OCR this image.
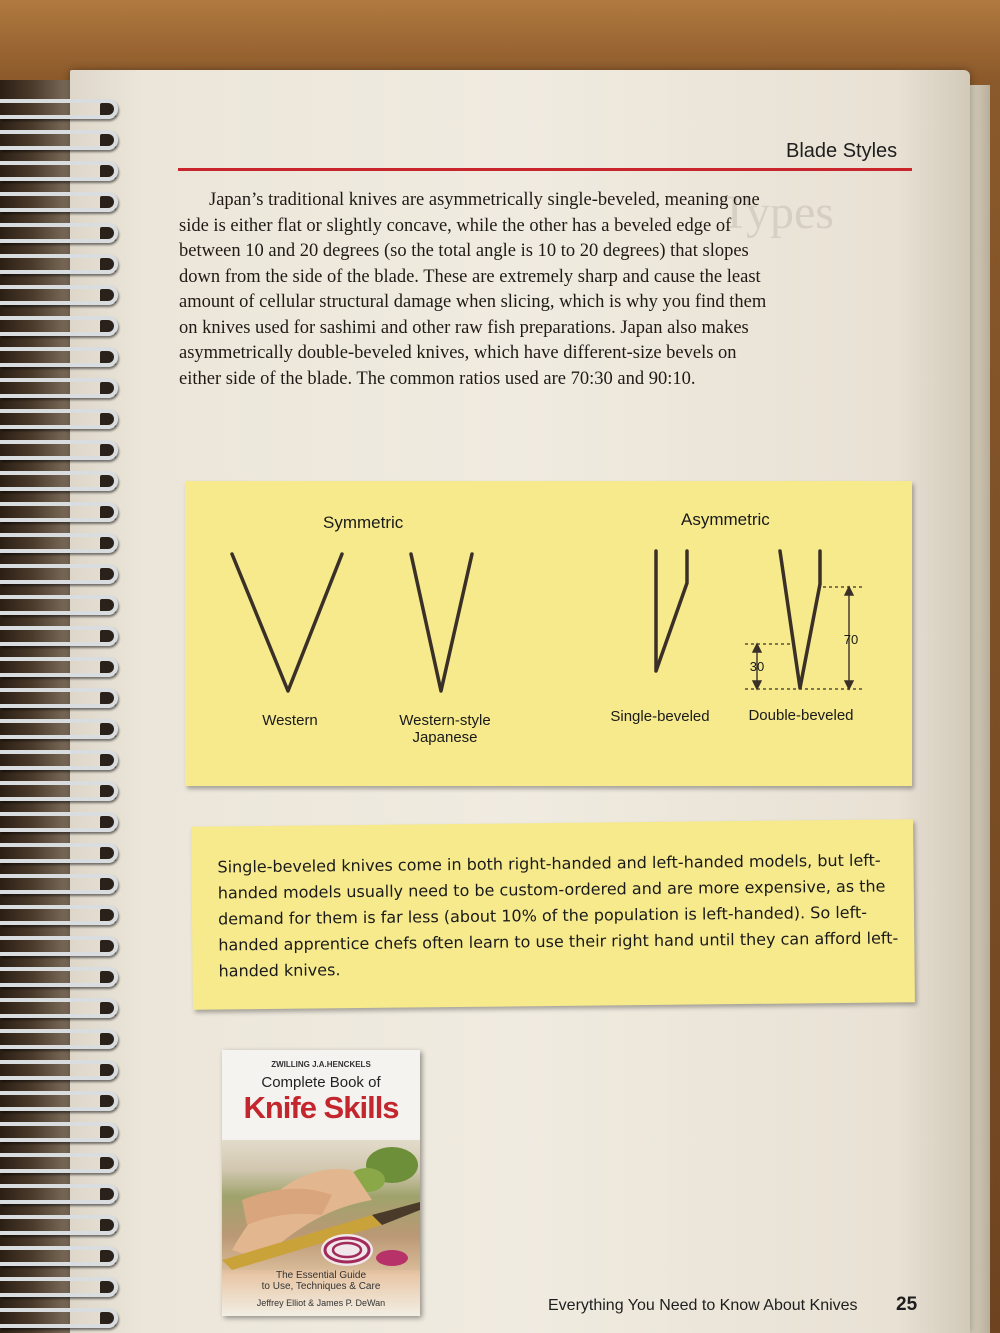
Blade Styles
Types

Japan’s traditional knives are asymmetrically single-beveled, meaning one side is either flat or slightly concave, while the other has a beveled edge of between 10 and 20 degrees (so the total angle is 10 to 20 degrees) that slopes down from the side of the blade. These are extremely sharp and cause the least amount of cellular structural damage when slicing, which is why you find them on knives used for sashimi and other raw fish preparations. Japan also makes asymmetrically double-beveled knives, which have different-size bevels on either side of the blade. The common ratios used are 70:30 and 90:10.

Symmetric	Asymmetric
Western	Western-style
Japanese
Single-beveled	Double-beveled
70
30
Single-beveled knives come in both right-handed and left-handed models, but left-handed models usually need to be custom-ordered and are more expensive, as the demand for them is far less (about 10% of the population is left-handed). So left-handed apprentice chefs often learn to use their right hand until they can afford left-handed knives.
ZWILLING J.A.HENCKELS
Complete Book of
Knife Skills
The Essential Guide
to Use, Techniques & Care
Jeffrey Elliot & James P. DeWan	Everything You Need to Know About Knives 25
